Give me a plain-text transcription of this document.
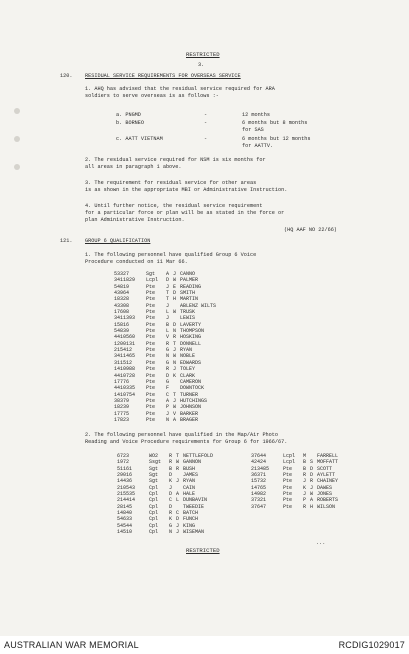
RESTRICTED
3.
120. RESIDUAL SERVICE REQUIREMENTS FOR OVERSEAS SERVICE
1. AHQ has advised that the residual service required for ARA
soldiers to serve overseas is as follows :-
a. PNGMD	-	12 months
b. BORNEO	-	6 months but 8 months
for SAS
c. AATT VIETNAM	-	6 months but 12 months
for AATTV.
2. The residual service required for NSM is six months for
all areas in paragraph 1 above.
3. The requirement for residual service for other areas
is as shown in the appropriate MBI or Administrative Instruction.
4. Until further notice, the residual service requirement
for a particular force or plan will be as stated in the force or
plan Administrative Instruction.
(HQ AAF NO 22/66)
121. GROUP 6 QUALIFICATION
1. The following personnel have qualified Group 6 Voice
Procedure conducted on 11 Mar 66.
53327	Sgt	A	J	CANNO
3411829	Lcpl	D	W	PALMER
54819	Pte	J	E	READING
43964	Pte	T	D	SMITH
18328	Pte	T	H	MARTIN
43308	Pte	J		ABLENZ WILTS
17608	Pte	L	W	TRUSK
3411393	Pte	J		LEWIS
15816	Pte	B	D	LAVERTY
54839	Pte	L	N	THOMPSON
4410560	Pte	V	R	HOSKING
1200131	Pte	R	T	DONNELL
215412	Pte	G	J	RYAN
3411465	Pte	N	W	NOBLE
311512	Pte	G	N	EDWARDS
1410988	Pte	R	J	TOLEY
4410728	Pte	D	K	CLARK
17776	Pte	G		CAMERON
4410335	Pte	F		DOWNTOCK
1410754	Pte	C	T	TURNER
38379	Pte	A	J	HUTCHINGS
18239	Pte	P	W	JOHNSON
17775	Pte	J	V	BARKER
17823	Pte	N	A	BRAGER
2. The following personnel have qualified in the Map/Air Photo
Reading and Voice Procedure requirements for Group 6 for 1966/67.
6723	WO2	R	T	NETTLEFOLD
1972	Ssgt	R	W	GANNON
51161	Sgt	B	R	BUSH
29016	Sgt	D		JAMES
14436	Sgt	K	J	RYAN
210543	Cpl	J		CAIN
215535	Cpl	D	A	HALE
214414	Cpl	C	L	DUNBAVIN
28145	Cpl	D		TWEEDIE
14840	Cpl	R	C	BATCH
54633	Cpl	K	D	FUNCH
54544	Cpl	G	J	KING
14510	Cpl	N	J	WISEMAN
37644	Lcpl	M		FARRELL
42424	Lcpl	B	S	MOFFATT
213485	Pte	B	D	SCOTT
36371	Pte	R	D	AYLETT
15732	Pte	J	R	CHAINEY
14765	Pte	K	J	DAWES
14982	Pte	J	W	JONES
37321	Pte	P	A	ROBERTS
37647	Pte	R	H	WILSON
RESTRICTED
...
AUSTRALIAN WAR MEMORIAL	RCDIG1029017
